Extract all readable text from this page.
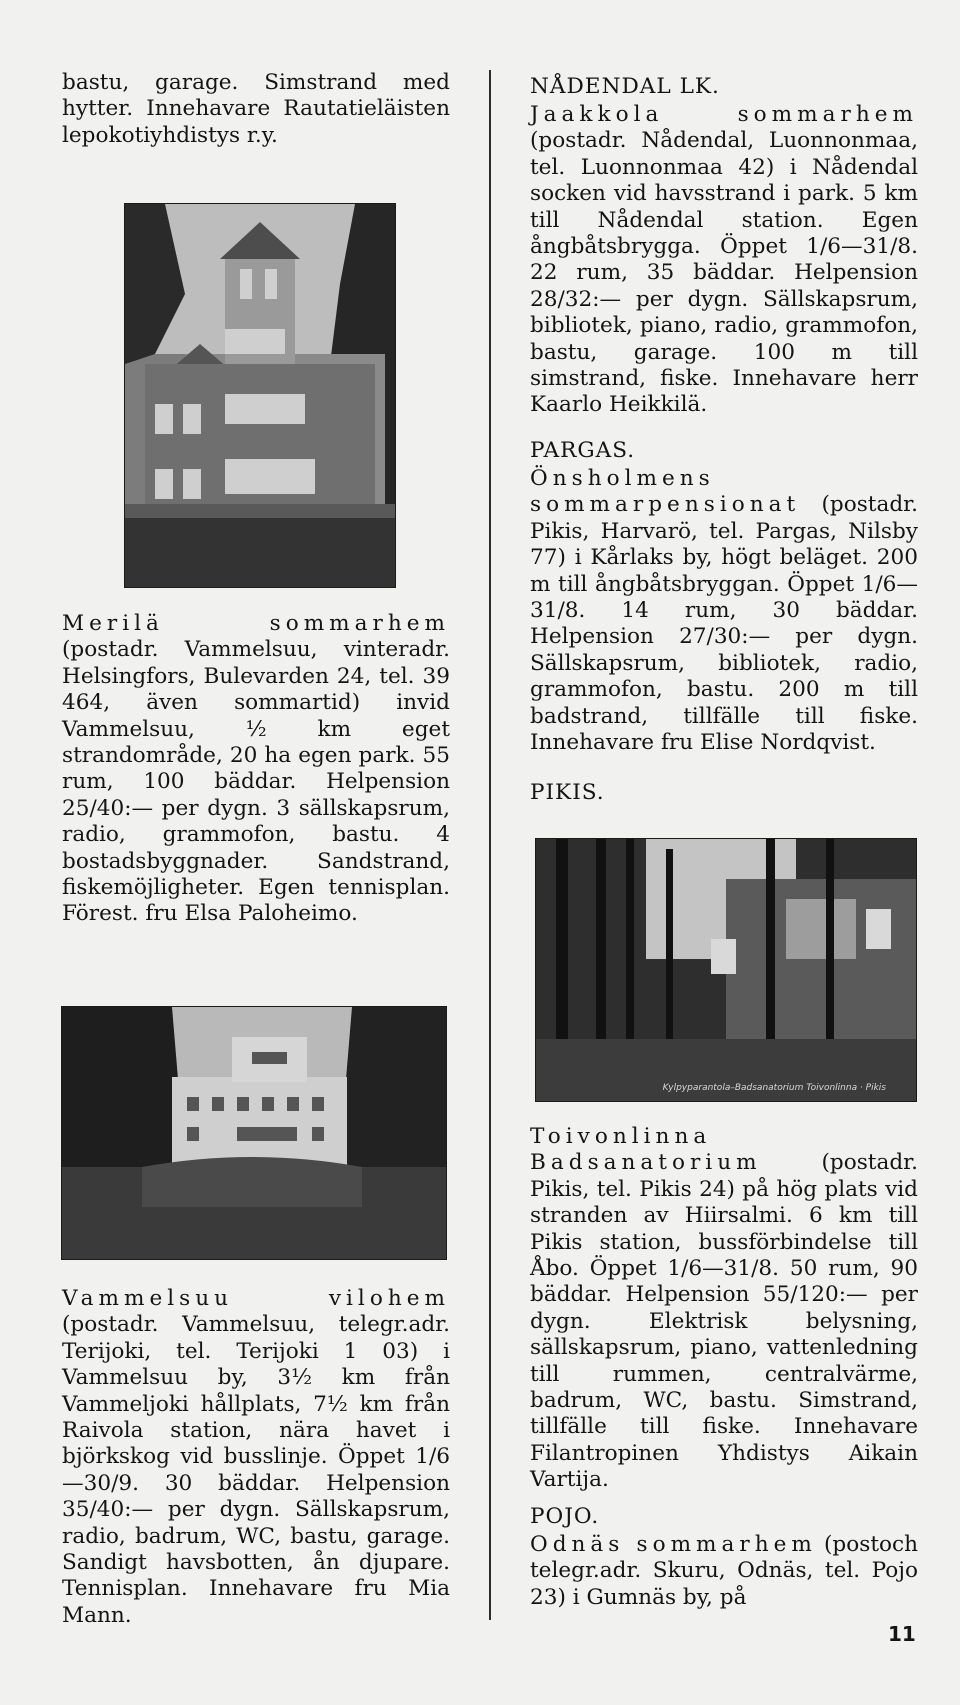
bastu, garage. Simstrand med hytter. Innehavare Rautatieläisten lepokotiyhdistys r.y.

Merilä sommarhem (postadr. Vammelsuu, vinteradr. Helsingfors, Bulevarden 24, tel. 39 464, även sommartid) invid Vammelsuu, ½ km eget strandområde, 20 ha egen park. 55 rum, 100 bäddar. Helpension 25/40:— per dygn. 3 sällskapsrum, radio, grammofon, bastu. 4 bostadsbyggnader. Sandstrand, fiskemöjligheter. Egen tennisplan. Förest. fru Elsa Paloheimo.

Vammelsuu vilohem (postadr. Vammelsuu, telegr.adr. Terijoki, tel. Terijoki 1 03) i Vammelsuu by, 3½ km från Vammeljoki hållplats, 7½ km från Raivola station, nära havet i björkskog vid busslinje. Öppet 1/6—30/9. 30 bäddar. Helpension 35/40:— per dygn. Sällskapsrum, radio, badrum, WC, bastu, garage. Sandigt havsbotten, ån djupare. Tennisplan. Innehavare fru Mia Mann.

NÅDENDAL LK.

Jaakkola sommarhem (postadr. Nådendal, Luonnonmaa, tel. Luonnonmaa 42) i Nådendal socken vid havsstrand i park. 5 km till Nådendal station. Egen ångbåtsbrygga. Öppet 1/6—31/8. 22 rum, 35 bäddar. Helpension 28/32:— per dygn. Sällskapsrum, bibliotek, piano, radio, grammofon, bastu, garage. 100 m till simstrand, fiske. Innehavare herr Kaarlo Heikkilä.

PARGAS.

Önsholmens sommarpensionat (postadr. Pikis, Harvarö, tel. Pargas, Nilsby 77) i Kårlaks by, högt beläget. 200 m till ångbåtsbryggan. Öppet 1/6—31/8. 14 rum, 30 bäddar. Helpension 27/30:— per dygn. Sällskapsrum, bibliotek, radio, grammofon, bastu. 200 m till badstrand, tillfälle till fiske. Innehavare fru Elise Nordqvist.

PIKIS.

Toivonlinna Badsanatorium (postadr. Pikis, tel. Pikis 24) på hög plats vid stranden av Hiirsalmi. 6 km till Pikis station, bussförbindelse till Åbo. Öppet 1/6—31/8. 50 rum, 90 bäddar. Helpension 55/120:— per dygn. Elektrisk belysning, sällskapsrum, piano, vattenledning till rummen, centralvärme, badrum, WC, bastu. Simstrand, tillfälle till fiske. Innehavare Filantropinen Yhdistys Aikain Vartija.

POJO.

Odnäs sommarhem (postoch telegr.adr. Skuru, Odnäs, tel. Pojo 23) i Gumnäs by, på

Kylpyparantola–Badsanatorium Toivonlinna · Pikis
11
